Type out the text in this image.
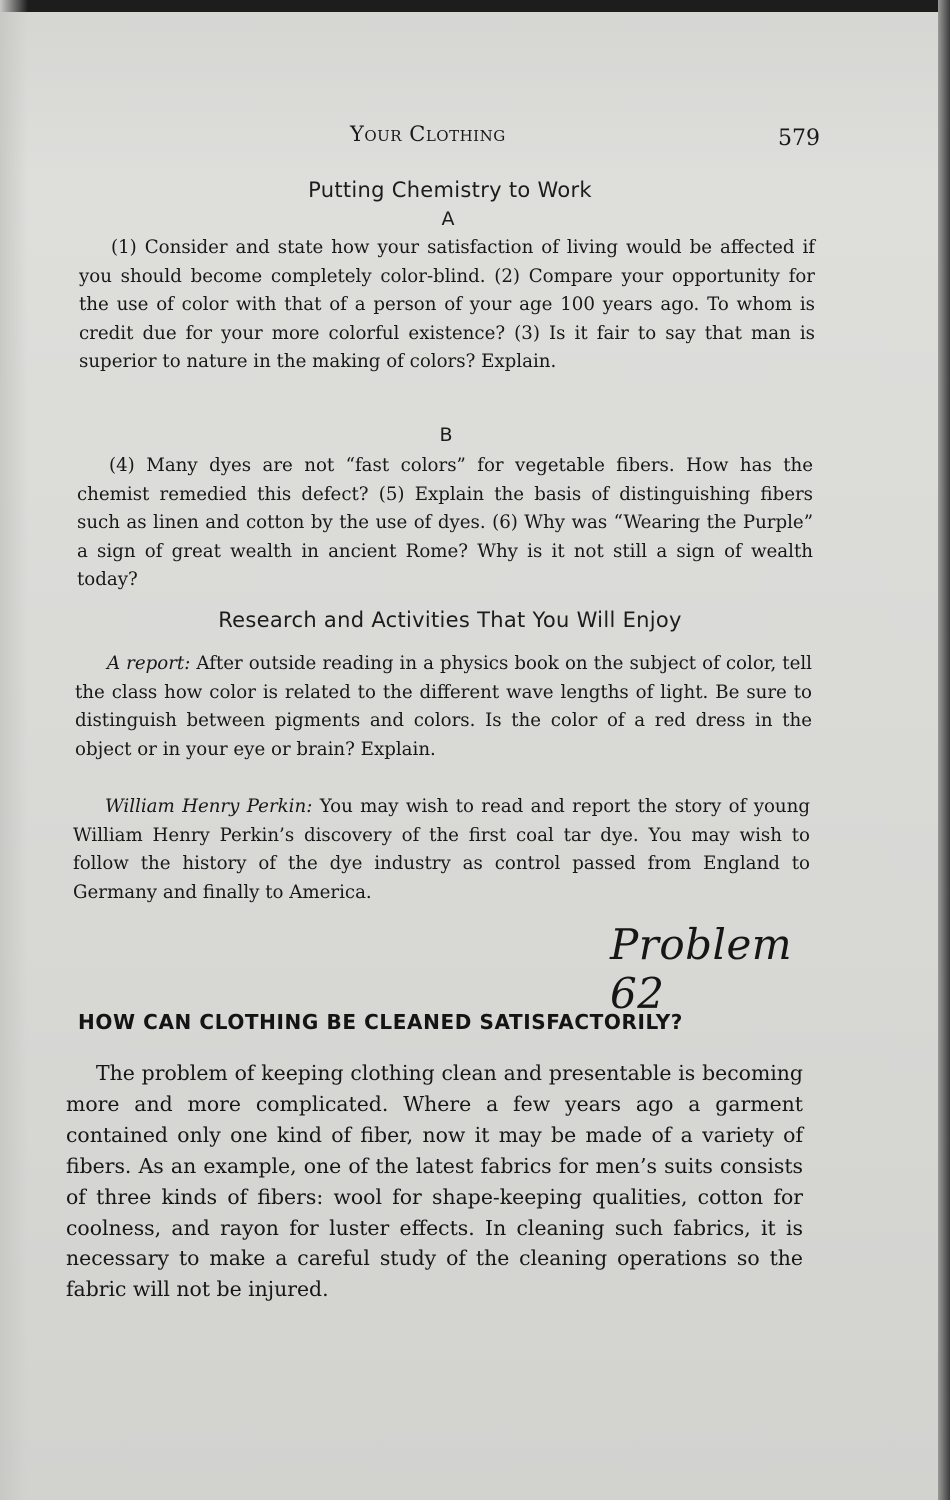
Your Clothing	579
Putting Chemistry to Work
A

(1) Consider and state how your satisfaction of living would be affected if you should become completely color-blind. (2) Compare your opportunity for the use of color with that of a person of your age 100 years ago. To whom is credit due for your more colorful existence? (3) Is it fair to say that man is superior to nature in the making of colors? Explain.

B

(4) Many dyes are not “fast colors” for vegetable fibers. How has the chemist remedied this defect? (5) Explain the basis of distinguishing fibers such as linen and cotton by the use of dyes. (6) Why was “Wearing the Purple” a sign of great wealth in ancient Rome? Why is it not still a sign of wealth today?

Research and Activities That You Will Enjoy

A report: After outside reading in a physics book on the subject of color, tell the class how color is related to the different wave lengths of light. Be sure to distinguish between pigments and colors. Is the color of a red dress in the object or in your eye or brain? Explain.

William Henry Perkin: You may wish to read and report the story of young William Henry Perkin’s discovery of the first coal tar dye. You may wish to follow the history of the dye industry as control passed from England to Germany and finally to America.

Problem 62
HOW CAN CLOTHING BE CLEANED SATISFACTORILY?

The problem of keeping clothing clean and presentable is becoming more and more complicated. Where a few years ago a garment contained only one kind of fiber, now it may be made of a variety of fibers. As an example, one of the latest fabrics for men’s suits consists of three kinds of fibers: wool for shape-keeping qualities, cotton for coolness, and rayon for luster effects. In cleaning such fabrics, it is necessary to make a careful study of the cleaning operations so the fabric will not be injured.
